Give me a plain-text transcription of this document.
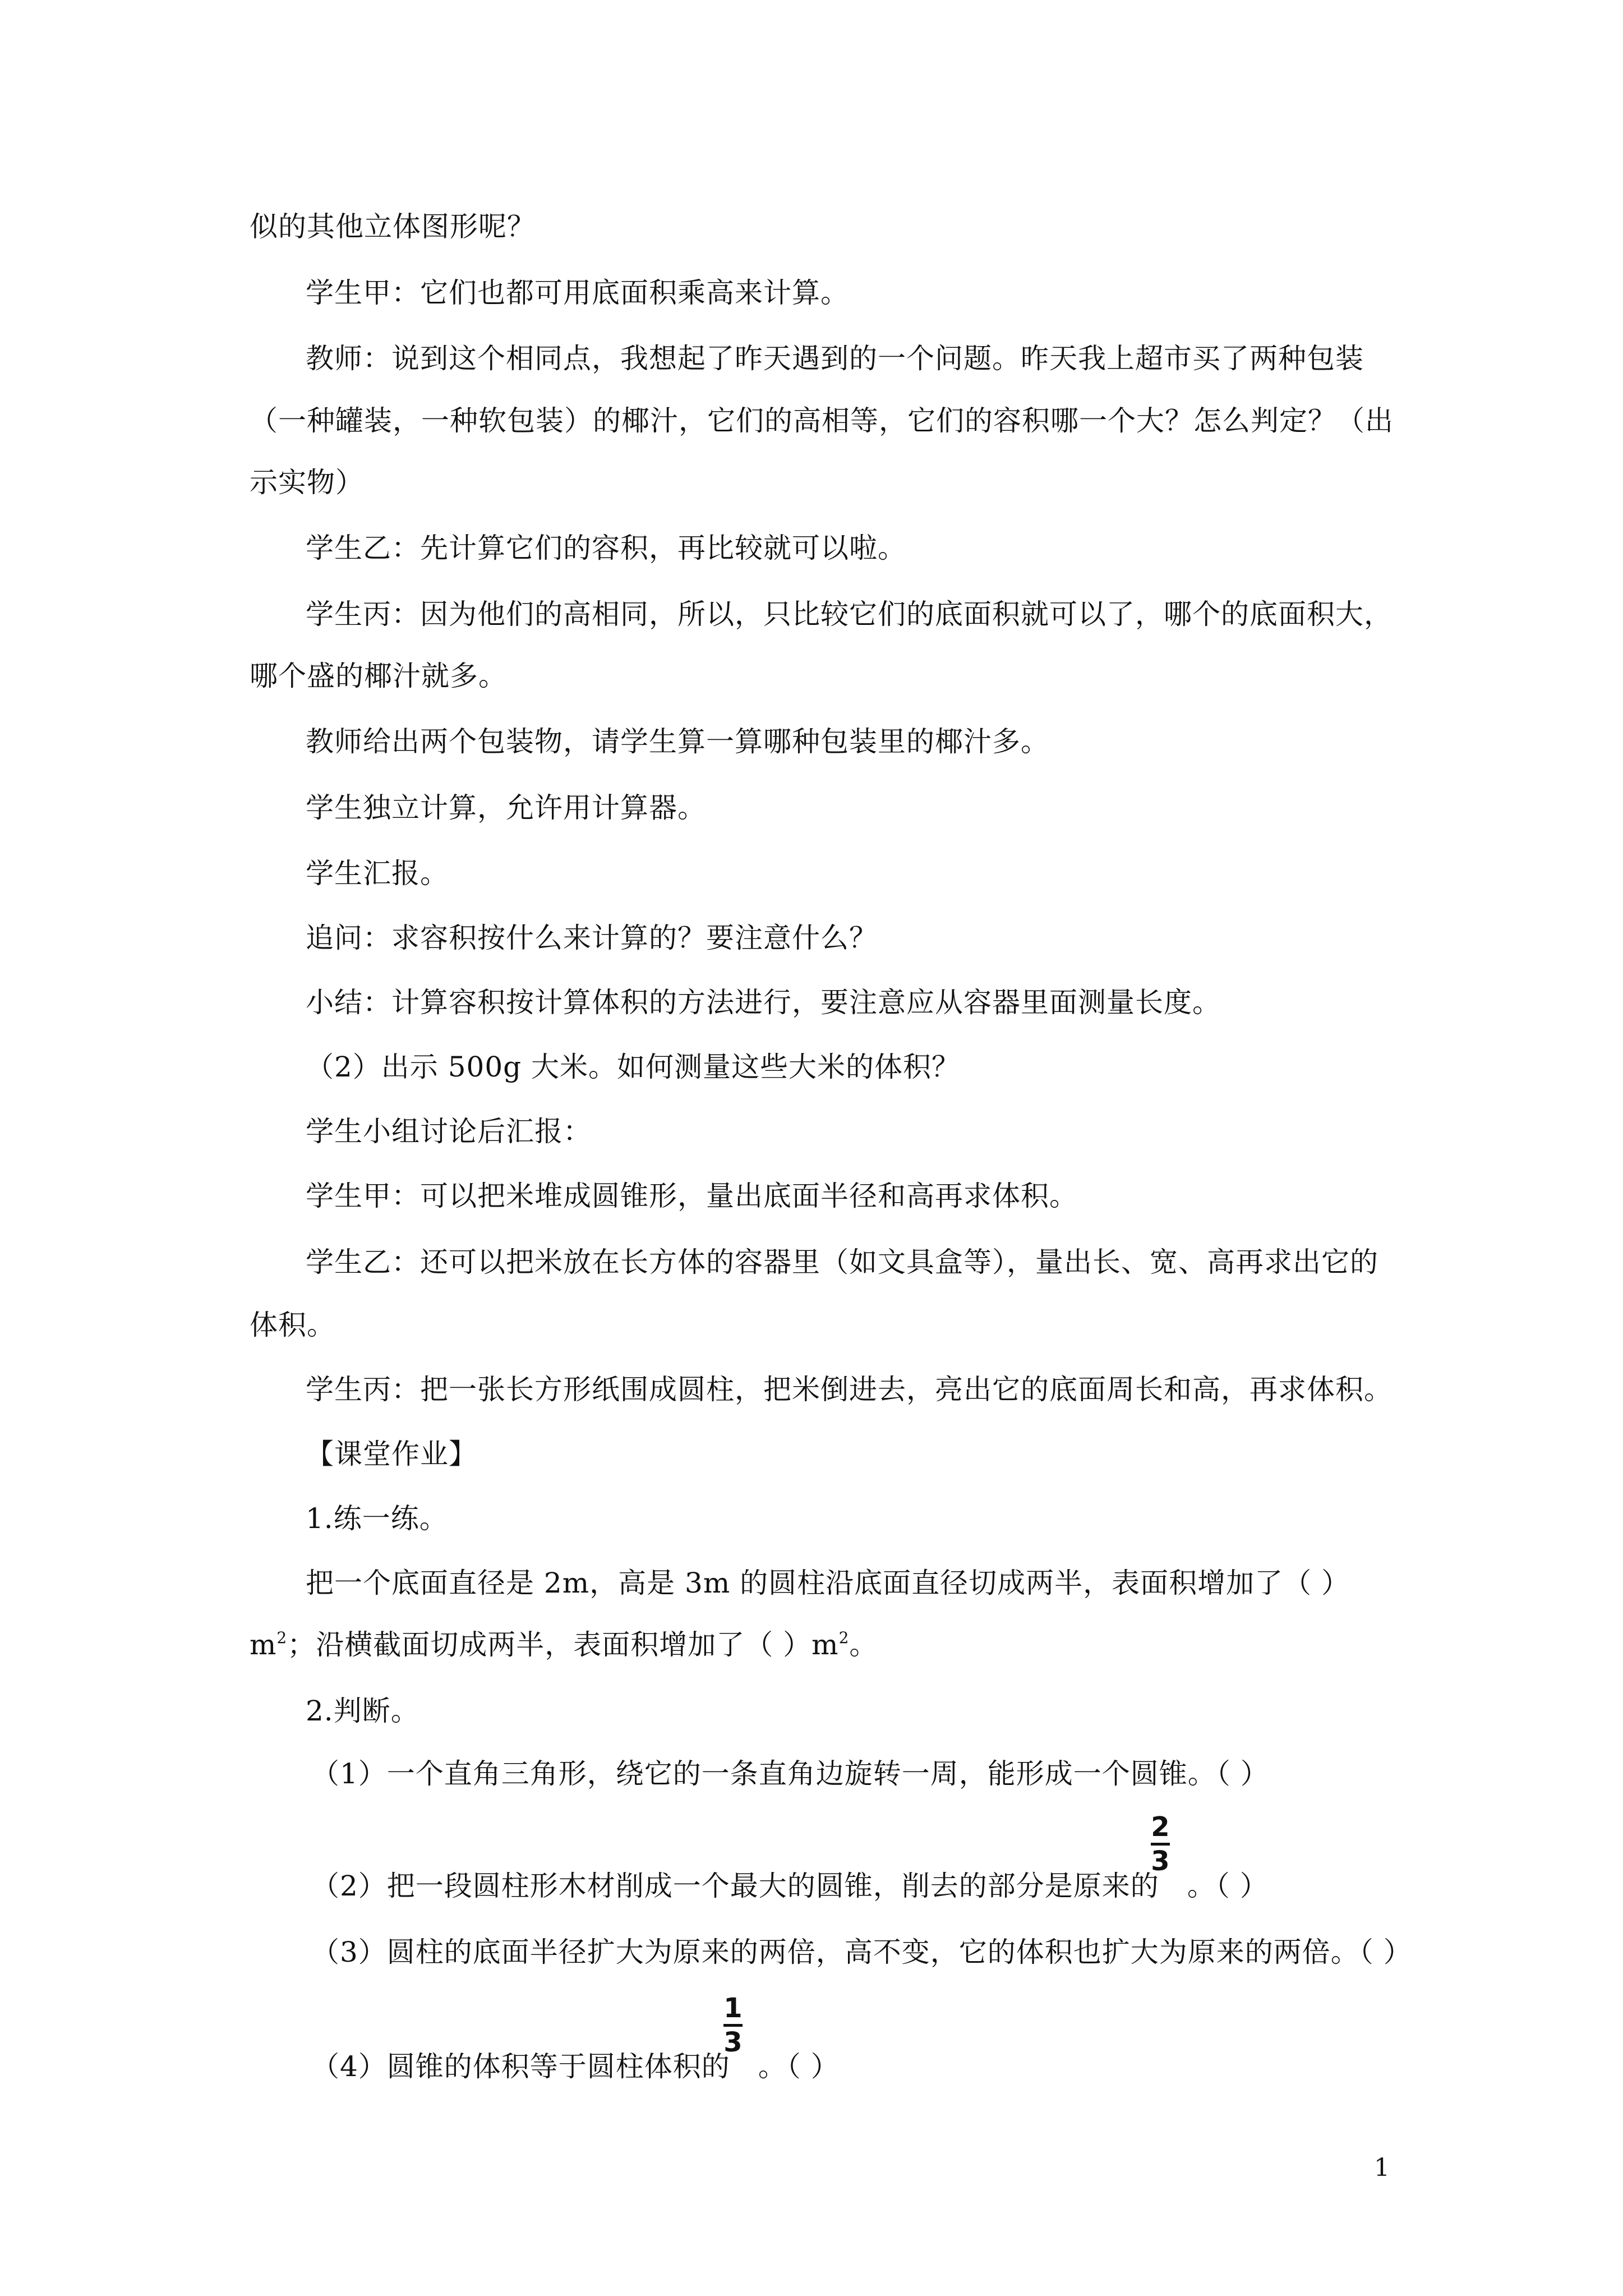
似的其他立体图形呢？
学生甲：它们也都可用底面积乘高来计算。
教师：说到这个相同点，我想起了昨天遇到的一个问题。昨天我上超市买了两种包装
（一种罐装，一种软包装）的椰汁，它们的高相等，它们的容积哪一个大？怎么判定？（出
示实物）
学生乙：先计算它们的容积，再比较就可以啦。
学生丙：因为他们的高相同，所以，只比较它们的底面积就可以了，哪个的底面积大，
哪个盛的椰汁就多。
教师给出两个包装物，请学生算一算哪种包装里的椰汁多。
学生独立计算，允许用计算器。
学生汇报。
追问：求容积按什么来计算的？要注意什么？
小结：计算容积按计算体积的方法进行，要注意应从容器里面测量长度。
（2）出示 500g 大米。如何测量这些大米的体积？
学生小组讨论后汇报：
学生甲：可以把米堆成圆锥形，量出底面半径和高再求体积。
学生乙：还可以把米放在长方体的容器里（如文具盒等），量出长、宽、高再求出它的
体积。
学生丙：把一张长方形纸围成圆柱，把米倒进去，亮出它的底面周长和高，再求体积。
【课堂作业】
1.练一练。
把一个底面直径是 2m，高是 3m 的圆柱沿底面直径切成两半，表面积增加了（ ）
$m^2$；沿横截面切成两半，表面积增加了（ ）$m^2$。
2.判断。
（1）一个直角三角形，绕它的一条直角边旋转一周，能形成一个圆锥。（ ）
（2）把一段圆柱形木材削成一个最大的圆锥，削去的部分是原来的 。（ ）
2
3
（3）圆柱的底面半径扩大为原来的两倍，高不变，它的体积也扩大为原来的两倍。（ ）
（4）圆锥的体积等于圆柱体积的 。（ ）
1
3
1
